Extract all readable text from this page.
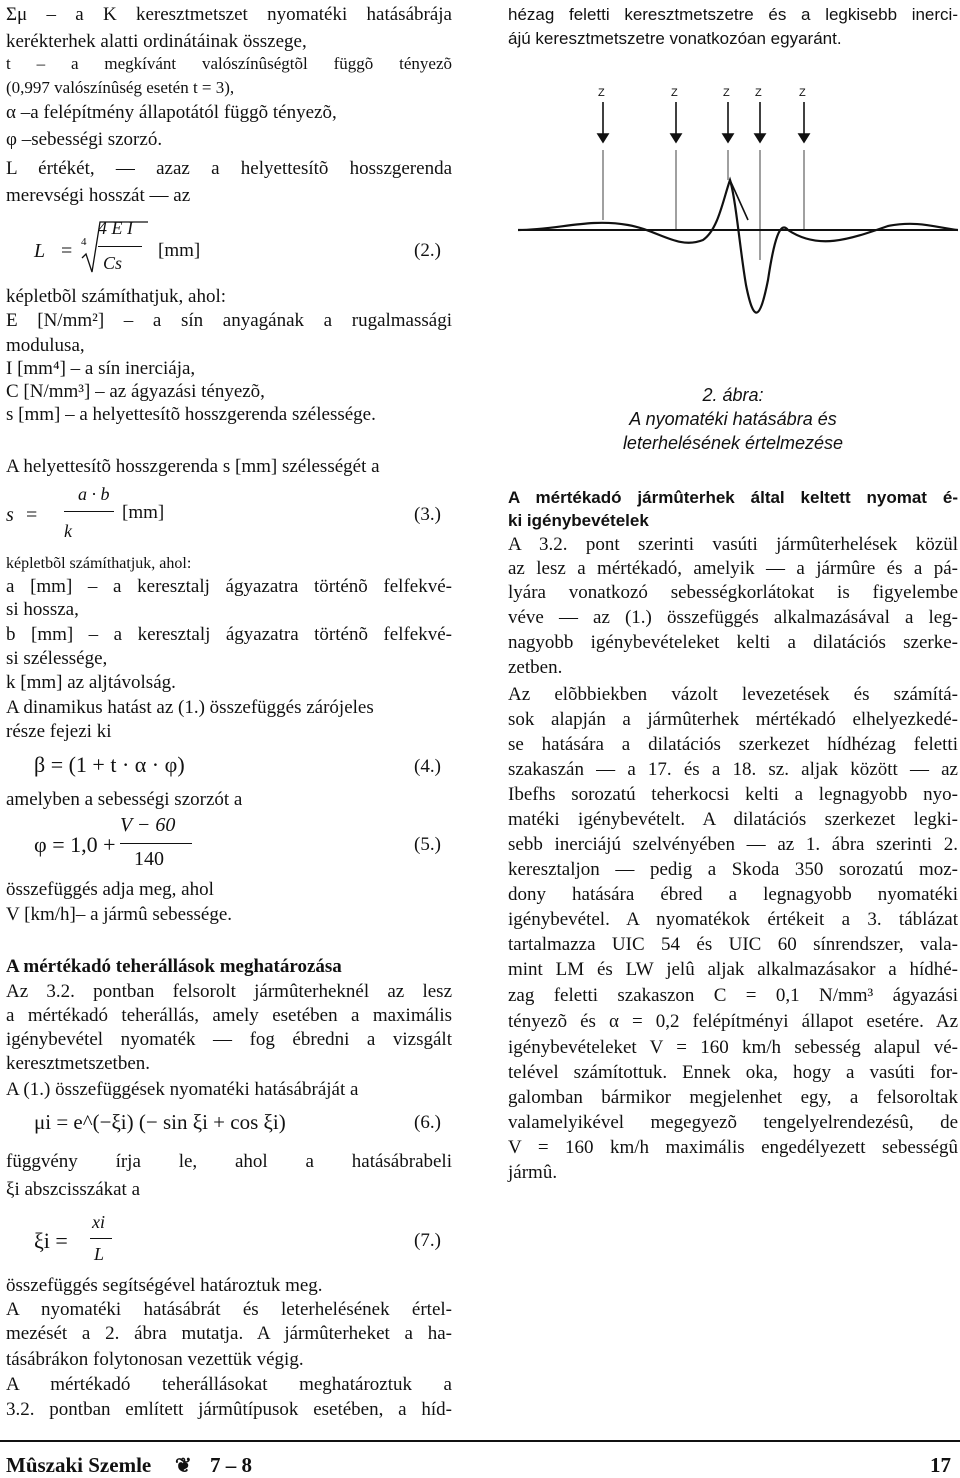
Σμ – a K keresztmetszet nyomatéki hatásábrája
kerékterhek alatti ordinátáinak összege,
t – a megkívánt valószínûségtõl függõ tényezõ
(0,997 valószínûség esetén t = 3),
α –a felépítmény állapotától függõ tényezõ,
φ –sebességi szorzó.
L értékét, — azaz a helyettesítõ hosszgerenda
merevségi hosszát — az
L = 4
4 E I
Cs
[mm]	(2.)
képletbõl számíthatjuk, ahol:
E [N/mm²] – a sín anyagának a rugalmassági
modulusa,
I [mm⁴] – a sín inerciája,
C [N/mm³] – az ágyazási tényezõ,
s [mm] – a helyettesítõ hosszgerenda szélessége.
A helyettesítõ hosszgerenda s [mm] szélességét a
s =
a · b
k
[mm]	(3.)
képletbõl számíthatjuk, ahol:
a [mm] – a keresztalj ágyazatra történõ felfekvé-
si hossza,
b [mm] – a keresztalj ágyazatra történõ felfekvé-
si szélessége,
k [mm] az aljtávolság.
A dinamikus hatást az (1.) összefüggés zárójeles
része fejezi ki
β = (1 + t · α · φ)	(4.)
amelyben a sebességi szorzót a
φ = 1,0 +
V − 60
140
(5.)
összefüggés adja meg, ahol
V [km/h]– a jármû sebessége.
A mértékadó teherállások meghatározása
Az 3.2. pontban felsorolt jármûterheknél az lesz
a mértékadó teherállás, amely esetében a maximális
igénybevétel nyomaték — fog ébredni a vizsgált
keresztmetszetben.
A (1.) összefüggések nyomatéki hatásábráját a
μi = e^(−ξi) (− sin ξi + cos ξi)	(6.)
függvény írja le, ahol a hatásábrabeli
ξi abszcisszákat a
ξi =
xi
L
(7.)
összefüggés segítségével határoztuk meg.
A nyomatéki hatásábrát és leterhelésének értel-
mezését a 2. ábra mutatja. A jármûterheket a ha-
tásábrákon folytonosan vezettük végig.
A mértékadó teherállásokat meghatároztuk a
3.2. pontban említett jármûtípusok esetében, a híd-
hézag feletti keresztmetszetre és a legkisebb inerci-
ájú keresztmetszetre vonatkozóan egyaránt.
Z	Z	Z Z	Z
2. ábra:
A nyomatéki hatásábra és
leterhelésének értelmezése
A mértékadó jármûterhek által keltett nyomat é-
ki igénybevételek
A 3.2. pont szerinti vasúti jármûterhelések közül
az lesz a mértékadó, amelyik — a jármûre és a pá-
lyára vonatkozó sebességkorlátokat is figyelembe
véve — az (1.) összefüggés alkalmazásával a leg-
nagyobb igénybevételeket kelti a dilatációs szerke-
zetben.
Az elõbbiekben vázolt levezetések és számítá-
sok alapján a jármûterhek mértékadó elhelyezkedé-
se hatására a dilatációs szerkezet hídhézag feletti
szakaszán — a 17. és a 18. sz. aljak között — az
Ibefhs sorozatú teherkocsi kelti a legnagyobb nyo-
matéki igénybevételt. A dilatációs szerkezet legki-
sebb inerciájú szelvényében — az 1. ábra szerinti 2.
keresztaljon — pedig a Skoda 350 sorozatú moz-
dony hatására ébred a legnagyobb nyomatéki
igénybevétel. A nyomatékok értékeit a 3. táblázat
tartalmazza UIC 54 és UIC 60 sínrendszer, vala-
mint LM és LW jelû aljak alkalmazásakor a hídhé-
zag feletti szakaszon C = 0,1 N/mm³ ágyazási
tényezõ és α = 0,2 felépítményi állapot esetére. Az
igénybevételeket V = 160 km/h sebesség alapul vé-
telével számítottuk. Ennek oka, hogy a vasúti for-
galomban bármikor megjelenhet egy, a felsoroltak
valamelyikével megegyezõ tengelyelrendezésû, de
V = 160 km/h maximális engedélyezett sebességû
jármû.
Mûszaki Szemle ❦ 7 – 8	17
